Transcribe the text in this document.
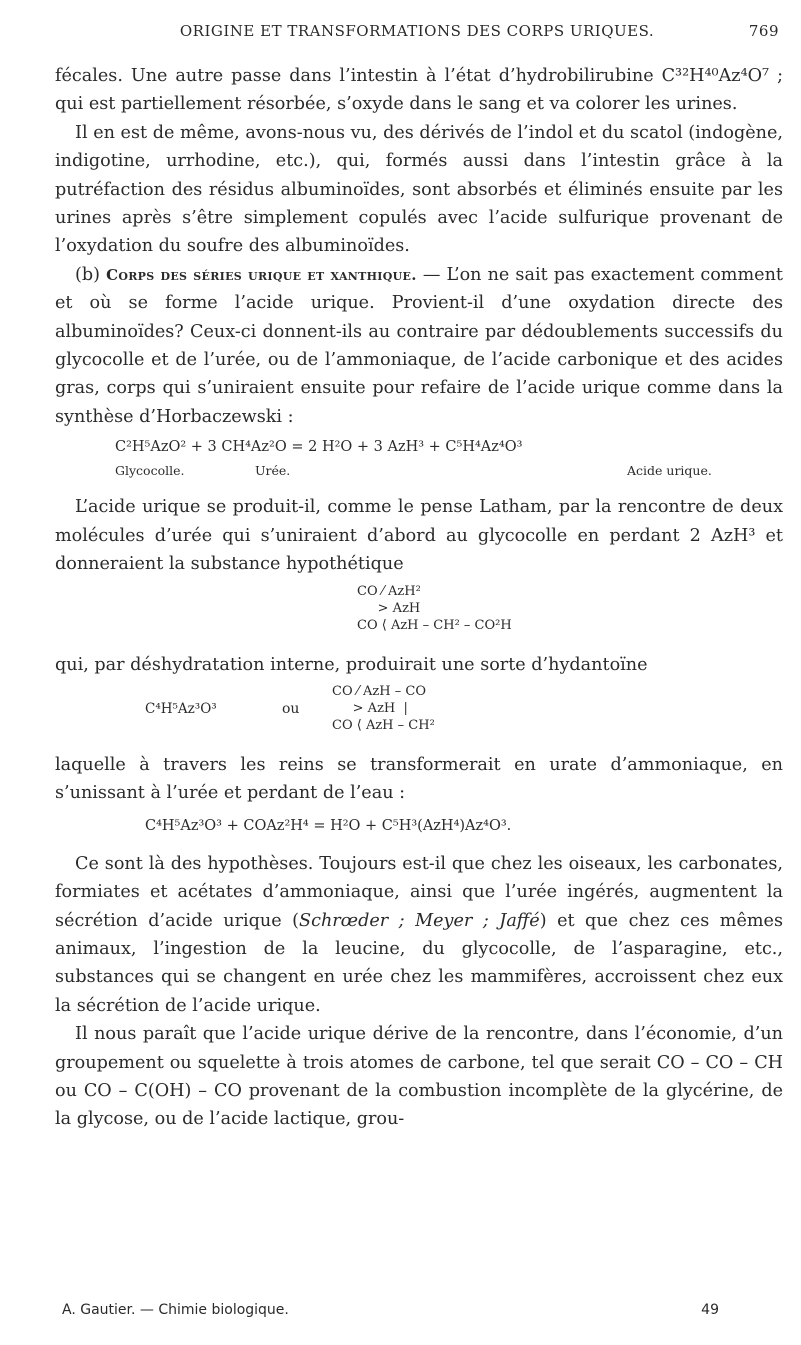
ORIGINE ET TRANSFORMATIONS DES CORPS URIQUES.	769

fécales. Une autre passe dans l’intestin à l’état d’hydrobilirubine C³²H⁴⁰Az⁴O⁷ ; qui est partiellement résorbée, s’oxyde dans le sang et va colorer les urines.

Il en est de même, avons-nous vu, des dérivés de l’indol et du scatol (indogène, indigotine, urrhodine, etc.), qui, formés aussi dans l’intestin grâce à la putréfaction des résidus albuminoïdes, sont absorbés et éliminés ensuite par les urines après s’être simplement copulés avec l’acide sulfurique provenant de l’oxydation du soufre des albuminoïdes.

(b) Corps des séries urique et xanthique. — L’on ne sait pas exactement comment et où se forme l’acide urique. Provient-il d’une oxydation directe des albuminoïdes? Ceux-ci donnent-ils au contraire par dédoublements successifs du glycocolle et de l’urée, ou de l’ammoniaque, de l’acide carbonique et des acides gras, corps qui s’uniraient ensuite pour refaire de l’acide urique comme dans la synthèse d’Horbaczewski :

C²H⁵AzO² + 3 CH⁴Az²O = 2 H²O + 3 AzH³ + C⁵H⁴Az⁴O³
Glycocolle.	Urée.	Acide urique.

L’acide urique se produit-il, comme le pense Latham, par la rencontre de deux molécules d’urée qui s’uniraient d’abord au glycocolle en perdant 2 AzH³ et donneraient la substance hypothétique

CO ⁄ AzH²
> AzH
CO ⟨ AzH – CH² – CO²H

qui, par déshydratation interne, produirait une sorte d’hydantoïne

C⁴H⁵Az³O³	ou
CO ⁄ AzH – CO
> AzH  |
CO ⟨ AzH – CH²

laquelle à travers les reins se transformerait en urate d’ammoniaque, en s’unissant à l’urée et perdant de l’eau :

C⁴H⁵Az³O³ + COAz²H⁴ = H²O + C⁵H³(AzH⁴)Az⁴O³.

Ce sont là des hypothèses. Toujours est-il que chez les oiseaux, les carbonates, formiates et acétates d’ammoniaque, ainsi que l’urée ingérés, augmentent la sécrétion d’acide urique (Schrœder ; Meyer ; Jaffé) et que chez ces mêmes animaux, l’ingestion de la leucine, du glycocolle, de l’asparagine, etc., substances qui se changent en urée chez les mammifères, accroissent chez eux la sécrétion de l’acide urique.

Il nous paraît que l’acide urique dérive de la rencontre, dans l’économie, d’un groupement ou squelette à trois atomes de carbone, tel que serait CO – CO – CH ou CO – C(OH) – CO provenant de la combustion incomplète de la glycérine, de la glycose, ou de l’acide lactique, grou-

A. Gautier. — Chimie biologique.	49
